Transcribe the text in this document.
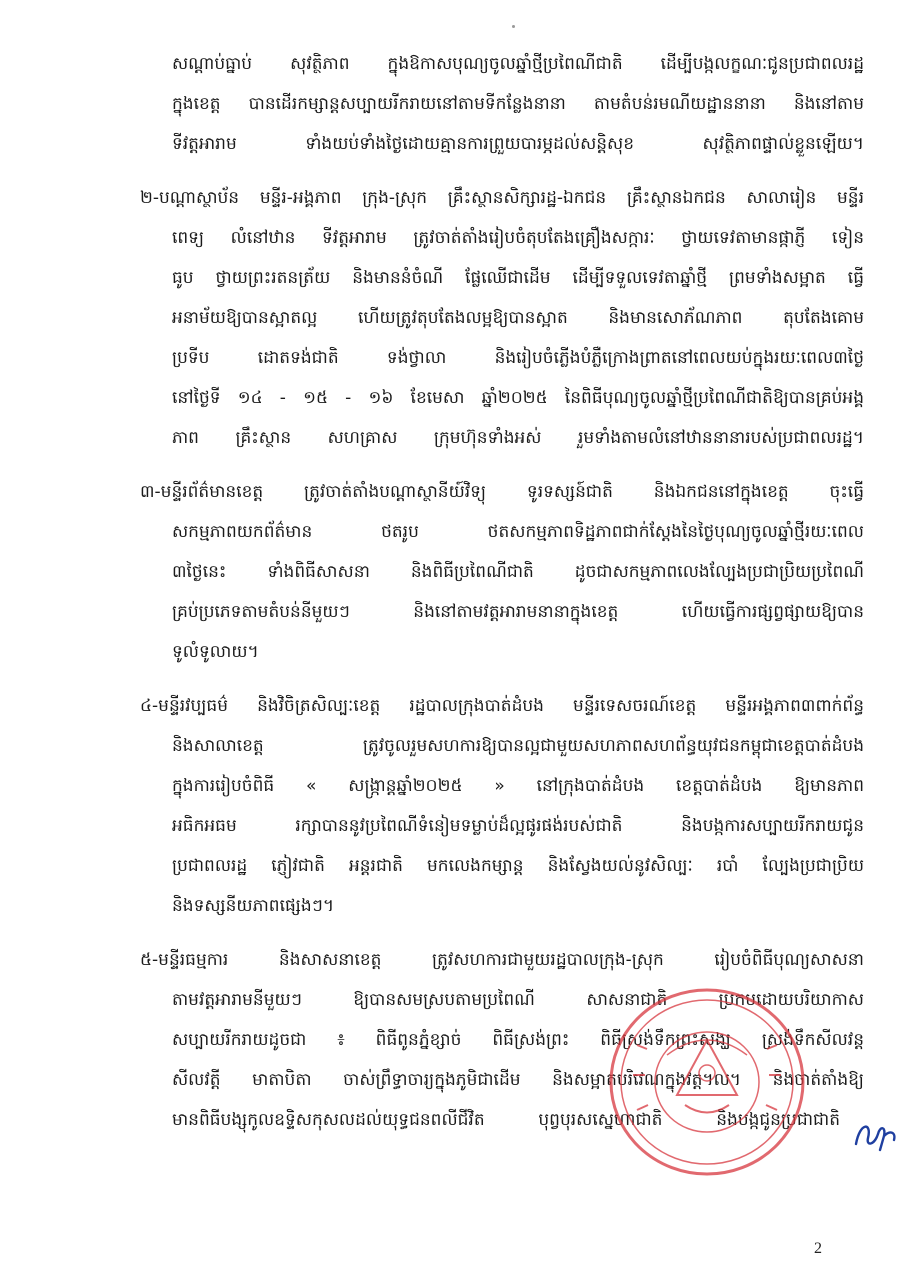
សណ្តាប់ធ្នាប់ សុវត្ថិភាព ក្នុងឱកាសបុណ្យចូលឆ្នាំថ្មីប្រពៃណីជាតិ ដើម្បីបង្កលក្ខណៈជូនប្រជាពលរដ្ឋ
ក្នុងខេត្ត បានដើរកម្សាន្តសប្បាយរីករាយនៅតាមទីកន្លែងនានា តាមតំបន់រមណីយដ្ឋាននានា និងនៅតាម
ទីវត្តអារាម ទាំងយប់ទាំងថ្ងៃដោយគ្មានការព្រួយបារម្ភដល់សន្តិសុខ សុវត្ថិភាពផ្ទាល់ខ្លួនឡើយ។
២-បណ្តាស្ថាប័ន មន្ទីរ-អង្គភាព ក្រុង-ស្រុក គ្រឹះស្ថានសិក្សារដ្ឋ-ឯកជន គ្រឹះស្ថានឯកជន សាលារៀន មន្ទីរ
ពេទ្យ លំនៅឋាន ទីវត្តអារាម ត្រូវចាត់តាំងរៀបចំតុបតែងគ្រឿងសក្ការៈ ថ្វាយទេវតាមានផ្កាភ្ញី ទៀន
ធូប ថ្វាយព្រះរតនត្រ័យ និងមាននំចំណី ផ្លែឈើជាដើម ដើម្បីទទួលទេវតាឆ្នាំថ្មី ព្រមទាំងសម្អាត ធ្វើ
អនាម័យឱ្យបានស្អាតល្អ ហើយត្រូវតុបតែងលម្អឱ្យបានស្អាត និងមានសោភ័ណភាព តុបតែងគោម
ប្រទីប ដោតទង់ជាតិ ទង់ថ្វាលា និងរៀបចំភ្លើងបំភ្លឺក្រោងព្រាតនៅពេលយប់ក្នុងរយៈពេល៣ថ្ងៃ
នៅថ្ងៃទី ១៤ - ១៥ - ១៦ ខែមេសា ឆ្នាំ២០២៥ នៃពិធីបុណ្យចូលឆ្នាំថ្មីប្រពៃណីជាតិឱ្យបានគ្រប់អង្គ
ភាព គ្រឹះស្ថាន សហគ្រាស ក្រុមហ៊ុនទាំងអស់ រួមទាំងតាមលំនៅឋាននានារបស់ប្រជាពលរដ្ឋ។
៣-មន្ទីរព័ត៌មានខេត្ត ត្រូវចាត់តាំងបណ្តាស្ថានីយ៍វិទ្យុ ទូរទស្សន៍ជាតិ និងឯកជននៅក្នុងខេត្ត ចុះធ្វើ
សកម្មភាពយកព័ត៌មាន ថតរូប ថតសកម្មភាពទិដ្ឋភាពជាក់ស្តែងនៃថ្ងៃបុណ្យចូលឆ្នាំថ្មីរយៈពេល
៣ថ្ងៃនេះ ទាំងពិធីសាសនា និងពិធីប្រពៃណីជាតិ ដូចជាសកម្មភាពលេងល្បែងប្រជាប្រិយប្រពៃណី
គ្រប់ប្រភេទតាមតំបន់នីមួយៗ និងនៅតាមវត្តអារាមនានាក្នុងខេត្ត ហើយធ្វើការផ្សព្វផ្សាយឱ្យបាន
ទូលំទូលាយ។
៤-មន្ទីរវប្បធម៌ និងវិចិត្រសិល្បៈខេត្ត រដ្ឋបាលក្រុងបាត់ដំបង មន្ទីរទេសចរណ៍ខេត្ត មន្ទីរអង្គភាព៣ពាក់ព័ន្ធ
និងសាលាខេត្ត ត្រូវចូលរួមសហការឱ្យបានល្អជាមួយសហភាពសហព័ន្ធយុវជនកម្ពុជាខេត្តបាត់ដំបង
ក្នុងការរៀបចំពិធី « សង្ក្រាន្តឆ្នាំ២០២៥ » នៅក្រុងបាត់ដំបង ខេត្តបាត់ដំបង ឱ្យមានភាព
អធិកអធម រក្សាបាននូវប្រពៃណីទំនៀមទម្លាប់ដ៏ល្អផូរផង់របស់ជាតិ និងបង្កការសប្បាយរីករាយជូន
ប្រជាពលរដ្ឋ ភ្ញៀវជាតិ អន្តរជាតិ មកលេងកម្សាន្ត និងស្វែងយល់នូវសិល្បៈ របាំ ល្បែងប្រជាប្រិយ
និងទស្សនីយភាពផ្សេងៗ។
៥-មន្ទីរធម្មការ និងសាសនាខេត្ត ត្រូវសហការជាមួយរដ្ឋបាលក្រុង-ស្រុក រៀបចំពិធីបុណ្យសាសនា
តាមវត្តអារាមនីមួយៗ ឱ្យបានសមស្របតាមប្រពៃណី សាសនាជាតិ ប្រកបដោយបរិយាកាស
សប្បាយរីករាយដូចជា ៖ ពិធីពូនភ្នំខ្សាច់ ពិធីស្រង់ព្រះ ពិធីស្រង់ទឹកព្រះសង្ឃ ស្រង់ទឹកសីលវន្ត
សីលវត្តី មាតាបិតា ចាស់ព្រឹទ្ធាចារ្យក្នុងភូមិជាដើម និងសម្អាតបរិវេណក្នុងវត្ត។ល។ និងចាត់តាំងឱ្យ
មានពិធីបង្សុកូលឧទ្ទិសកុសលដល់យុទ្ធជនពលីជីវិត បុព្វបុរសស្នេហាជាតិ និងបង្កជូនប្រជាជាតិ
2
